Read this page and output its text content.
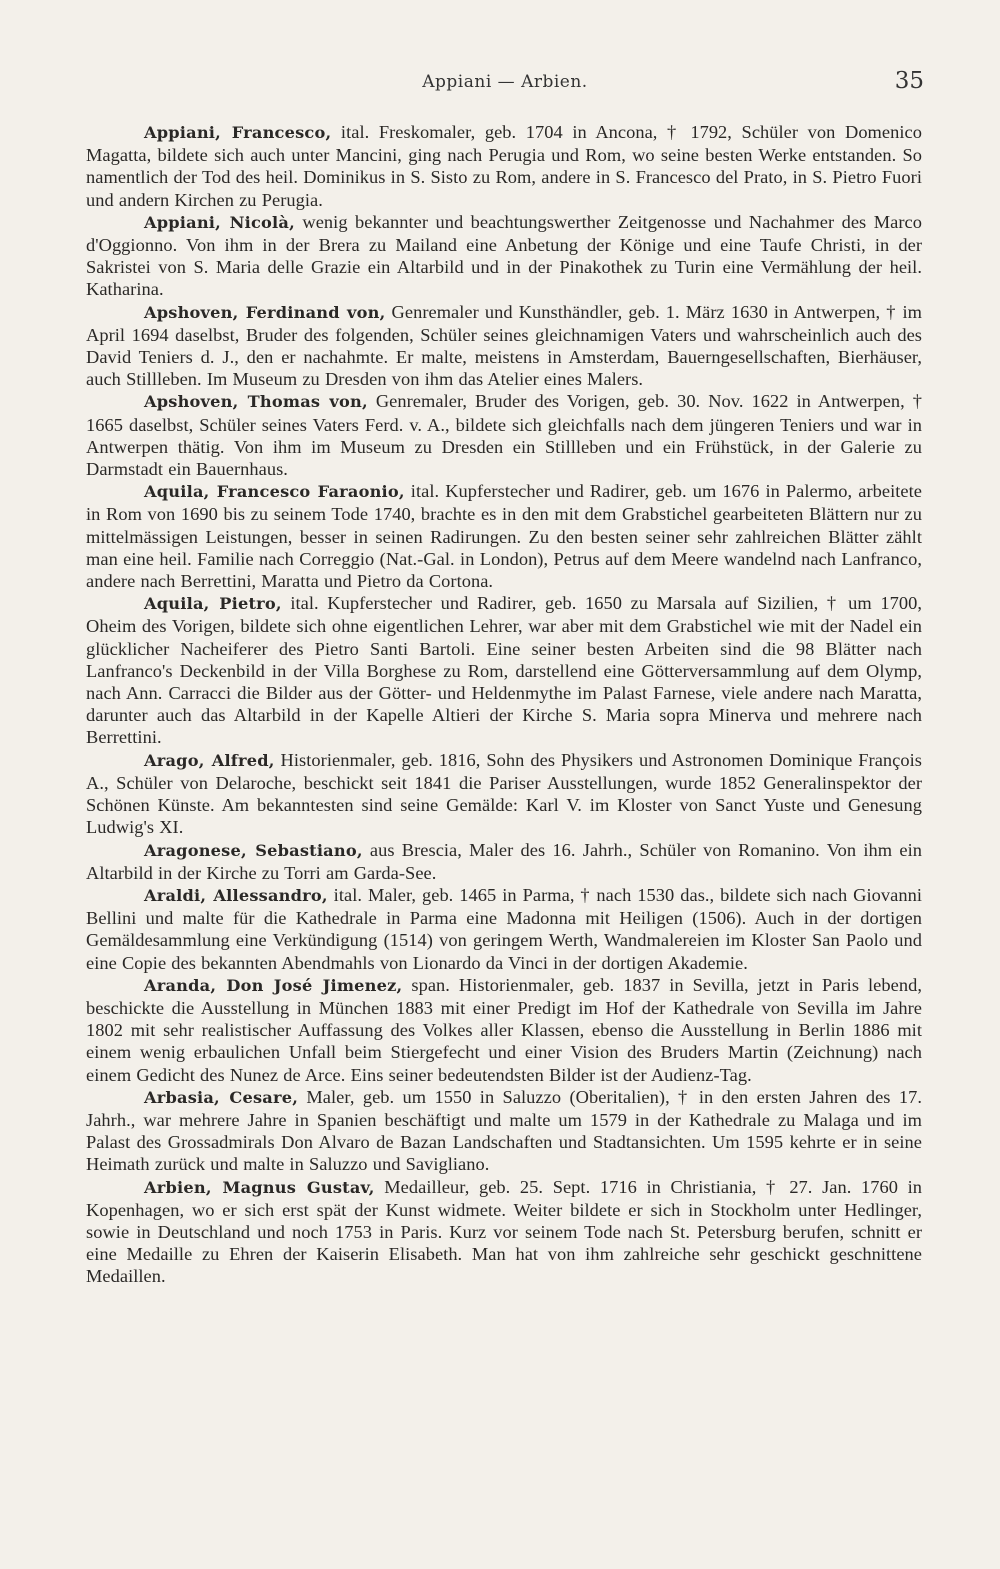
Appiani — Arbien.	35

Appiani, Francesco, ital. Freskomaler, geb. 1704 in Ancona, † 1792, Schüler von Domenico Magatta, bildete sich auch unter Mancini, ging nach Perugia und Rom, wo seine besten Werke entstanden. So namentlich der Tod des heil. Dominikus in S. Sisto zu Rom, andere in S. Francesco del Prato, in S. Pietro Fuori und andern Kirchen zu Perugia.

Appiani, Nicolà, wenig bekannter und beachtungswerther Zeitgenosse und Nachahmer des Marco d'Oggionno. Von ihm in der Brera zu Mailand eine Anbetung der Könige und eine Taufe Christi, in der Sakristei von S. Maria delle Grazie ein Altarbild und in der Pinakothek zu Turin eine Vermählung der heil. Katharina.

Apshoven, Ferdinand von, Genremaler und Kunsthändler, geb. 1. März 1630 in Antwerpen, † im April 1694 daselbst, Bruder des folgenden, Schüler seines gleichnamigen Vaters und wahrscheinlich auch des David Teniers d. J., den er nachahmte. Er malte, meistens in Amsterdam, Bauerngesellschaften, Bierhäuser, auch Stillleben. Im Museum zu Dresden von ihm das Atelier eines Malers.

Apshoven, Thomas von, Genremaler, Bruder des Vorigen, geb. 30. Nov. 1622 in Antwerpen, † 1665 daselbst, Schüler seines Vaters Ferd. v. A., bildete sich gleichfalls nach dem jüngeren Teniers und war in Antwerpen thätig. Von ihm im Museum zu Dresden ein Stillleben und ein Frühstück, in der Galerie zu Darmstadt ein Bauernhaus.

Aquila, Francesco Faraonio, ital. Kupferstecher und Radirer, geb. um 1676 in Palermo, arbeitete in Rom von 1690 bis zu seinem Tode 1740, brachte es in den mit dem Grabstichel gearbeiteten Blättern nur zu mittelmässigen Leistungen, besser in seinen Radirungen. Zu den besten seiner sehr zahlreichen Blätter zählt man eine heil. Familie nach Correggio (Nat.-Gal. in London), Petrus auf dem Meere wandelnd nach Lanfranco, andere nach Berrettini, Maratta und Pietro da Cortona.

Aquila, Pietro, ital. Kupferstecher und Radirer, geb. 1650 zu Marsala auf Sizilien, † um 1700, Oheim des Vorigen, bildete sich ohne eigentlichen Lehrer, war aber mit dem Grabstichel wie mit der Nadel ein glücklicher Nacheiferer des Pietro Santi Bartoli. Eine seiner besten Arbeiten sind die 98 Blätter nach Lanfranco's Deckenbild in der Villa Borghese zu Rom, darstellend eine Götterversammlung auf dem Olymp, nach Ann. Carracci die Bilder aus der Götter- und Heldenmythe im Palast Farnese, viele andere nach Maratta, darunter auch das Altarbild in der Kapelle Altieri der Kirche S. Maria sopra Minerva und mehrere nach Berrettini.

Arago, Alfred, Historienmaler, geb. 1816, Sohn des Physikers und Astronomen Dominique François A., Schüler von Delaroche, beschickt seit 1841 die Pariser Ausstellungen, wurde 1852 Generalinspektor der Schönen Künste. Am bekanntesten sind seine Gemälde: Karl V. im Kloster von Sanct Yuste und Genesung Ludwig's XI.

Aragonese, Sebastiano, aus Brescia, Maler des 16. Jahrh., Schüler von Romanino. Von ihm ein Altarbild in der Kirche zu Torri am Garda-See.

Araldi, Allessandro, ital. Maler, geb. 1465 in Parma, † nach 1530 das., bildete sich nach Giovanni Bellini und malte für die Kathedrale in Parma eine Madonna mit Heiligen (1506). Auch in der dortigen Gemäldesammlung eine Verkündigung (1514) von geringem Werth, Wandmalereien im Kloster San Paolo und eine Copie des bekannten Abendmahls von Lionardo da Vinci in der dortigen Akademie.

Aranda, Don José Jimenez, span. Historienmaler, geb. 1837 in Sevilla, jetzt in Paris lebend, beschickte die Ausstellung in München 1883 mit einer Predigt im Hof der Kathedrale von Sevilla im Jahre 1802 mit sehr realistischer Auffassung des Volkes aller Klassen, ebenso die Ausstellung in Berlin 1886 mit einem wenig erbaulichen Unfall beim Stiergefecht und einer Vision des Bruders Martin (Zeichnung) nach einem Gedicht des Nunez de Arce. Eins seiner bedeutendsten Bilder ist der Audienz-Tag.

Arbasia, Cesare, Maler, geb. um 1550 in Saluzzo (Oberitalien), † in den ersten Jahren des 17. Jahrh., war mehrere Jahre in Spanien beschäftigt und malte um 1579 in der Kathedrale zu Malaga und im Palast des Grossadmirals Don Alvaro de Bazan Landschaften und Stadtansichten. Um 1595 kehrte er in seine Heimath zurück und malte in Saluzzo und Savigliano.

Arbien, Magnus Gustav, Medailleur, geb. 25. Sept. 1716 in Christiania, † 27. Jan. 1760 in Kopenhagen, wo er sich erst spät der Kunst widmete. Weiter bildete er sich in Stockholm unter Hedlinger, sowie in Deutschland und noch 1753 in Paris. Kurz vor seinem Tode nach St. Petersburg berufen, schnitt er eine Medaille zu Ehren der Kaiserin Elisabeth. Man hat von ihm zahlreiche sehr geschickt geschnittene Medaillen.
